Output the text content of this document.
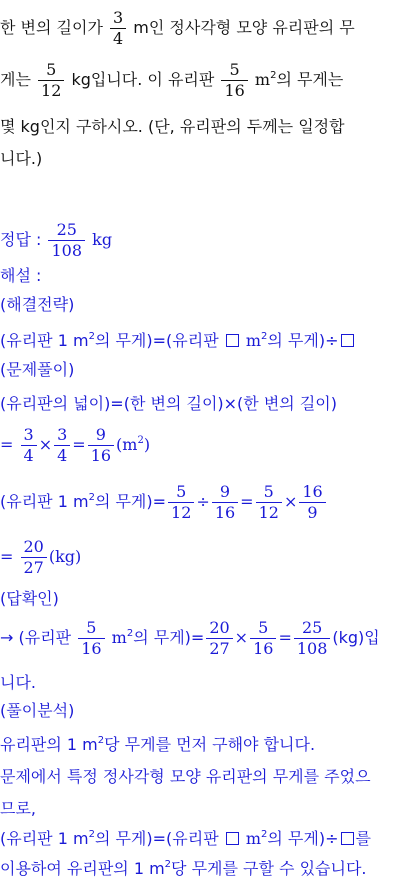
한 변의 길이가 $\frac{3}{4}$ m인 정사각형 모양 유리판의 무
게는 $\frac{5}{12}$ kg입니다. 이 유리판 $\frac{5}{16} m^2$의 무게는
몇 kg인지 구하시오. (단, 유리판의 두께는 일정합
니다.)
정답 : $\frac{25}{108}$ kg
해설 :
(해결전략)
(유리판 1 $m^2$의 무게)=(유리판 $m^2$의 무게)÷
(문제풀이)
(유리판의 넓이)=(한 변의 길이)×(한 변의 길이)
= $\frac{3}{4} \times \frac{3}{4} = \frac{9}{16} (m^2)$
(유리판 1 $m^2$의 무게)= $\frac{5}{12} \div \frac{9}{16} = \frac{5}{12} \times \frac{16}{9}$
= $\frac{20}{27} (kg)$
(답확인)
→ (유리판 $\frac{5}{16} m^2$의 무게)= $\frac{20}{27} \times \frac{5}{16} = \frac{25}{108} (kg)$입
니다.
(풀이분석)
유리판의 1 $m^2$당 무게를 먼저 구해야 합니다.
문제에서 특정 정사각형 모양 유리판의 무게를 주었으
므로,
(유리판 1 $m^2$의 무게)=(유리판 $m^2$의 무게)÷ 를
이용하여 유리판의 1 $m^2$당 무게를 구할 수 있습니다.
